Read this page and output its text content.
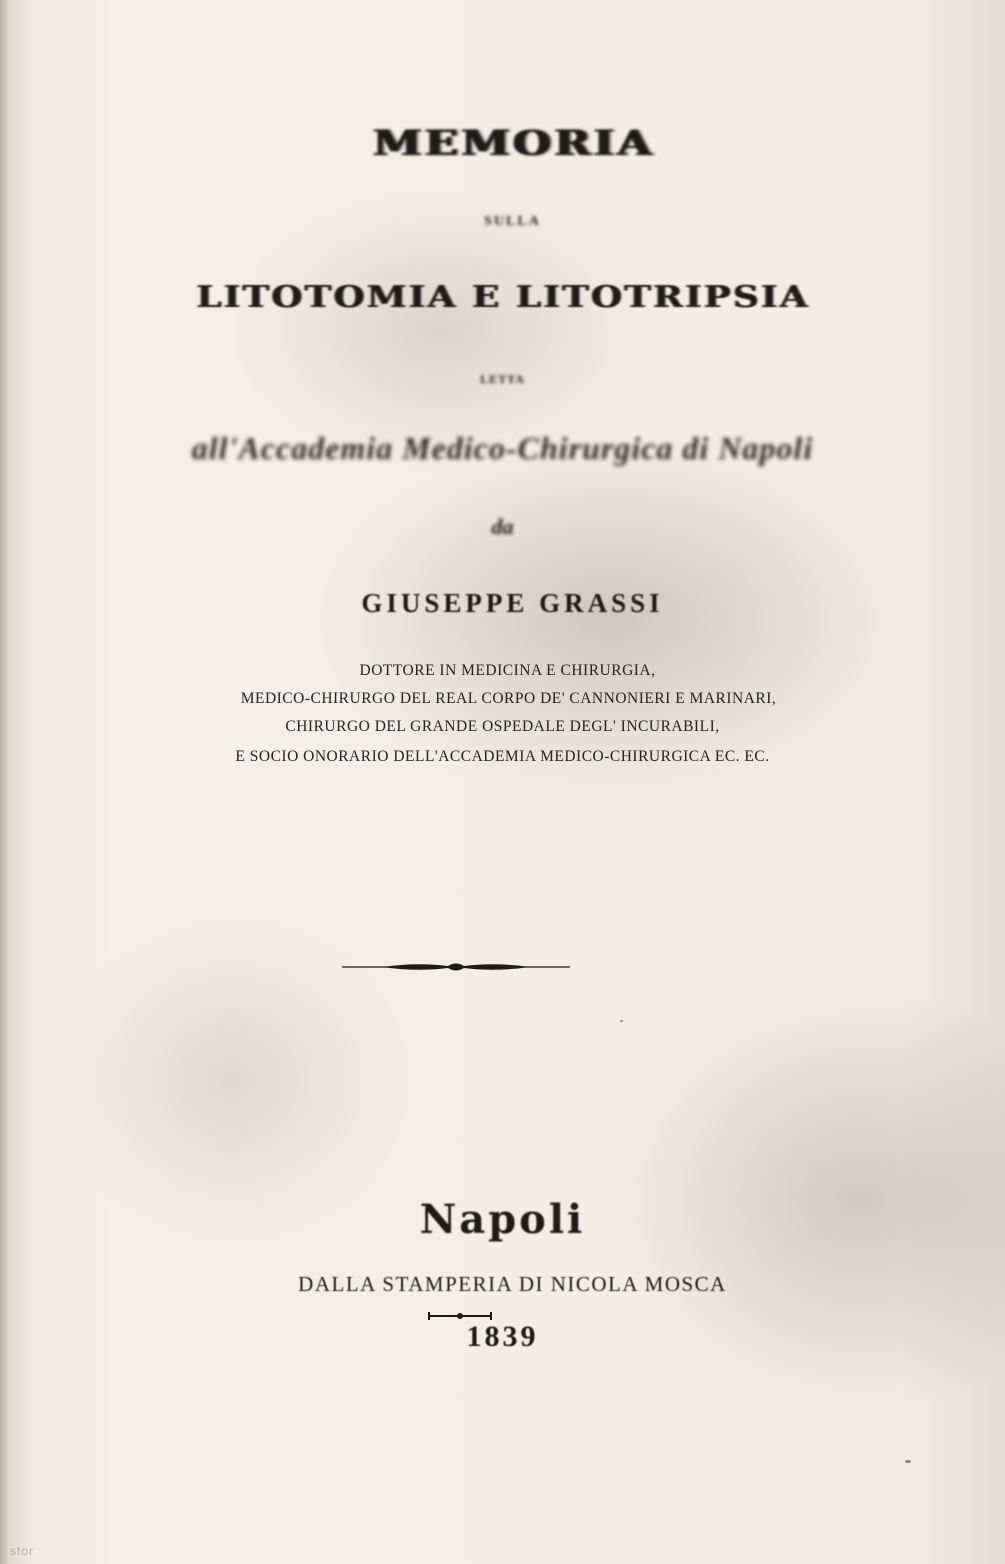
MEMORIA

SULLA

LITOTOMIA E LITOTRIPSIA

LETTA

all'Accademia Medico-Chirurgica di Napoli

da

GIUSEPPE GRASSI

DOTTORE IN MEDICINA E CHIRURGIA,

MEDICO-CHIRURGO DEL REAL CORPO DE' CANNONIERI E MARINARI,

CHIRURGO DEL GRANDE OSPEDALE DEGL' INCURABILI,

E SOCIO ONORARIO DELL'ACCADEMIA MEDICO-CHIRURGICA EC. EC.

Napoli

DALLA STAMPERIA DI NICOLA MOSCA

1839

stor
